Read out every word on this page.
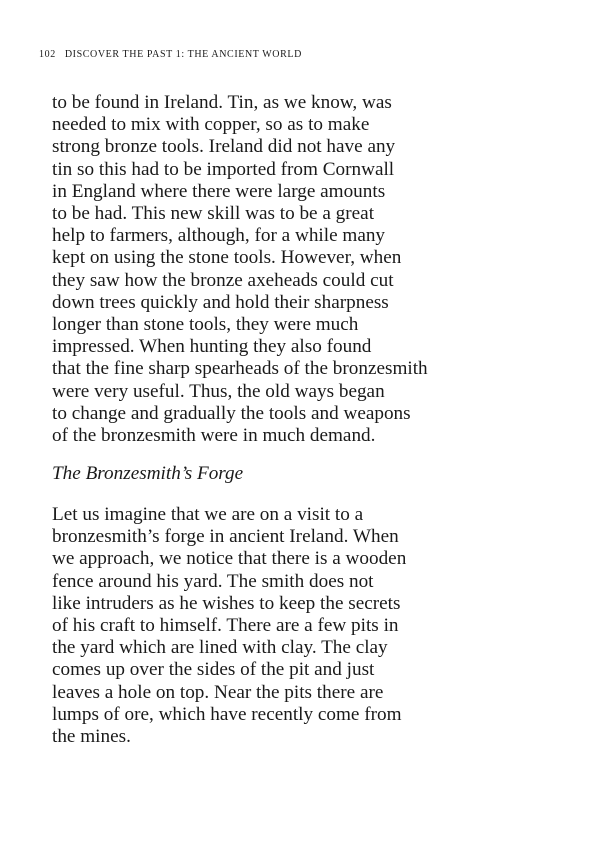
102 DISCOVER THE PAST 1: THE ANCIENT WORLD
to be found in Ireland. Tin, as we know, was
needed to mix with copper, so as to make
strong bronze tools. Ireland did not have any
tin so this had to be imported from Cornwall
in England where there were large amounts
to be had. This new skill was to be a great
help to farmers, although, for a while many
kept on using the stone tools. However, when
they saw how the bronze axeheads could cut
down trees quickly and hold their sharpness
longer than stone tools, they were much
impressed. When hunting they also found
that the fine sharp spearheads of the bronzesmith
were very useful. Thus, the old ways began
to change and gradually the tools and weapons
of the bronzesmith were in much demand.
The Bronzesmith’s Forge
Let us imagine that we are on a visit to a
bronzesmith’s forge in ancient Ireland. When
we approach, we notice that there is a wooden
fence around his yard. The smith does not
like intruders as he wishes to keep the secrets
of his craft to himself. There are a few pits in
the yard which are lined with clay. The clay
comes up over the sides of the pit and just
leaves a hole on top. Near the pits there are
lumps of ore, which have recently come from
the mines.
